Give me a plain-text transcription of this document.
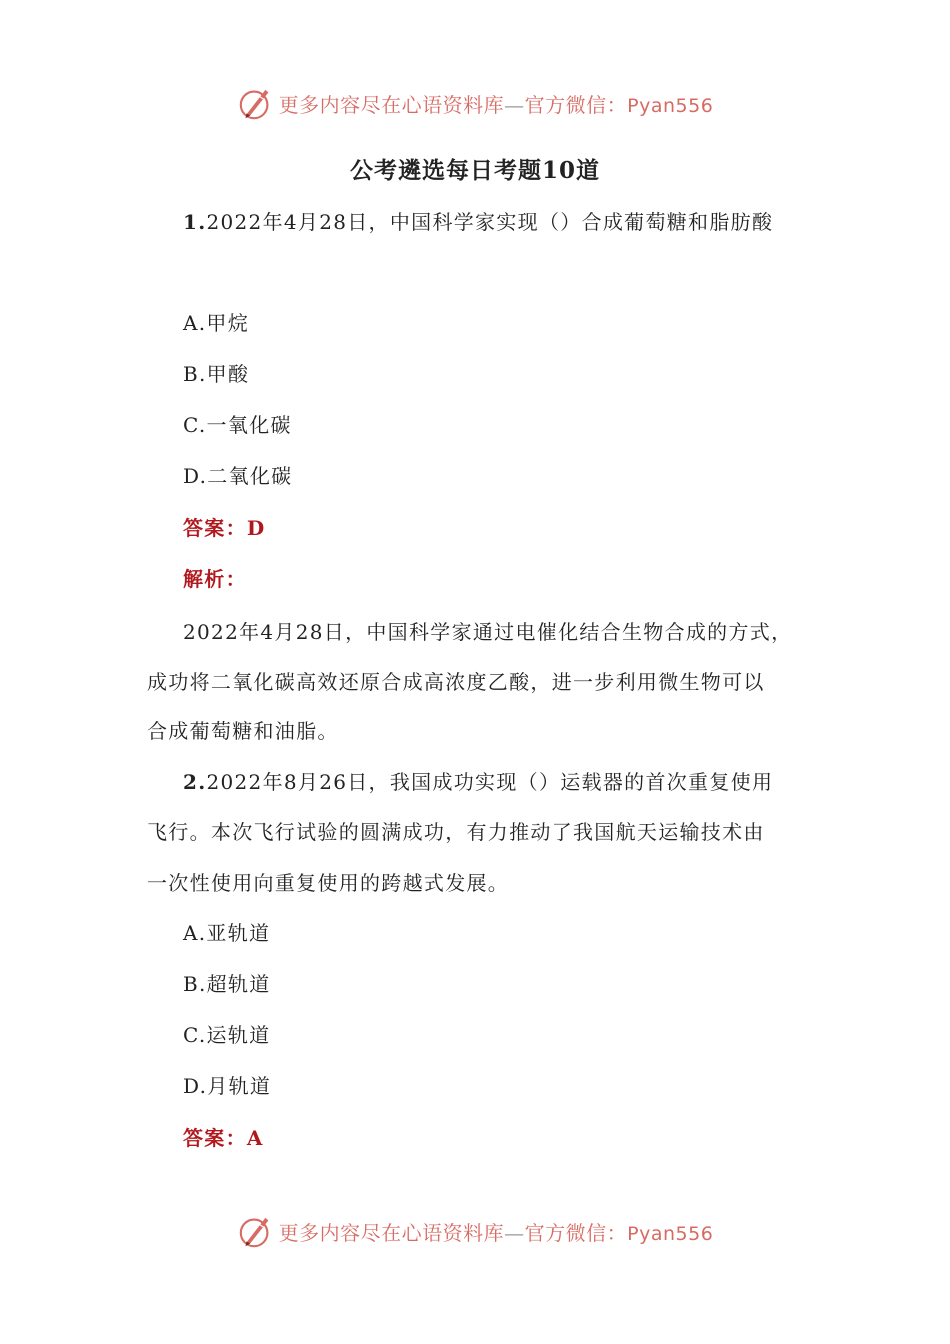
更多内容尽在心语资料库—官方微信：Pyan556
公考遴选每日考题10道
1.2022年4月28日，中国科学家实现（）合成葡萄糖和脂肪酸
A.甲烷
B.甲酸
C.一氧化碳
D.二氧化碳
答案：D
解析：
2022年4月28日，中国科学家通过电催化结合生物合成的方式，
成功将二氧化碳高效还原合成高浓度乙酸，进一步利用微生物可以
合成葡萄糖和油脂。
2.2022年8月26日，我国成功实现（）运载器的首次重复使用
飞行。本次飞行试验的圆满成功，有力推动了我国航天运输技术由
一次性使用向重复使用的跨越式发展。
A.亚轨道
B.超轨道
C.运轨道
D.月轨道
答案：A
更多内容尽在心语资料库—官方微信：Pyan556
